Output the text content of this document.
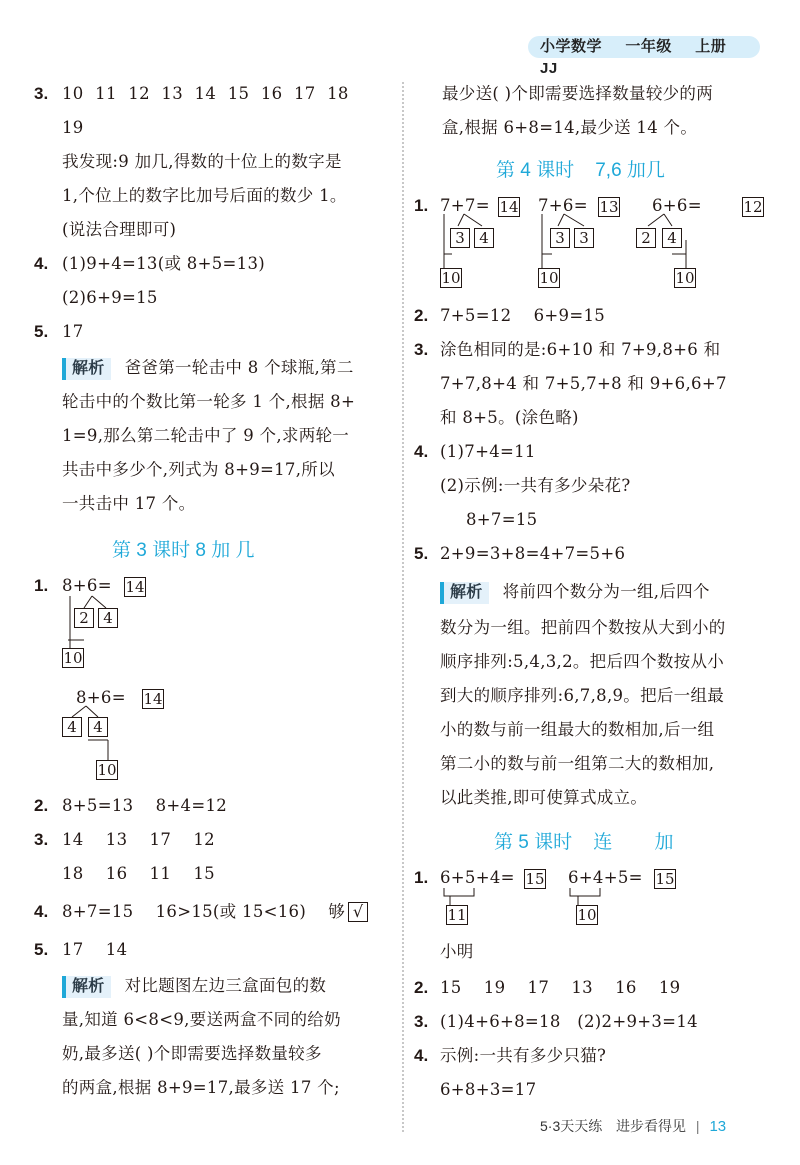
小学数学 一年级 上册  JJ
3. 10 11 12 13 14 15 16 17 18
19
我发现:9 加几,得数的十位上的数字是
1,个位上的数字比加号后面的数少 1。
(说法合理即可)
4. (1)9+4=13(或 8+5=13)
(2)6+9=15
5. 17
解析 爸爸第一轮击中 8 个球瓶,第二
轮击中的个数比第一轮多 1 个,根据 8+
1=9,那么第二轮击中了 9 个,求两轮一
共击中多少个,列式为 8+9=17,所以
一共击中 17 个。
第 3 课时 8 加 几
1. 8+6= 14
2 4
10
8+6= 14
4	4
10
2. 8+5=13    8+4=12
3. 14    13    17    12
18    16    11    15
4. 8+7=15    16>15(或 15<16)    够 √
5. 17    14
解析 对比题图左边三盒面包的数
量,知道 6<8<9,要送两盒不同的给奶
奶,最多送( )个即需要选择数量较多
的两盒,根据 8+9=17,最多送 17 个;
最少送( )个即需要选择数量较少的两
盒,根据 6+8=14,最少送 14 个。
第 4 课时    7,6 加几
1. 7+7= 14
3 4
10
7+6= 13
3 3
10
6+6=	12
2	4
10
2. 7+5=12    6+9=15
3. 涂色相同的是:6+10 和 7+9,8+6 和
7+7,8+4 和 7+5,7+8 和 9+6,6+7
和 8+5。(涂色略)
4. (1)7+4=11
(2)示例:一共有多少朵花?
8+7=15
5. 2+9=3+8=4+7=5+6
解析 将前四个数分为一组,后四个
数分为一组。把前四个数按从大到小的
顺序排列:5,4,3,2。把后四个数按从小
到大的顺序排列:6,7,8,9。把后一组最
小的数与前一组最大的数相加,后一组
第二小的数与前一组第二大的数相加,
以此类推,即可使算式成立。
第 5 课时    连        加
1. 6+5+4= 15
11
6+4+5= 15
10
小明
2. 15    19    17    13    16    19
3. (1)4+6+8=18   (2)2+9+3=14
4. 示例:一共有多少只猫?
6+8+3=17
5·3天天练 进步看得见 | 13
